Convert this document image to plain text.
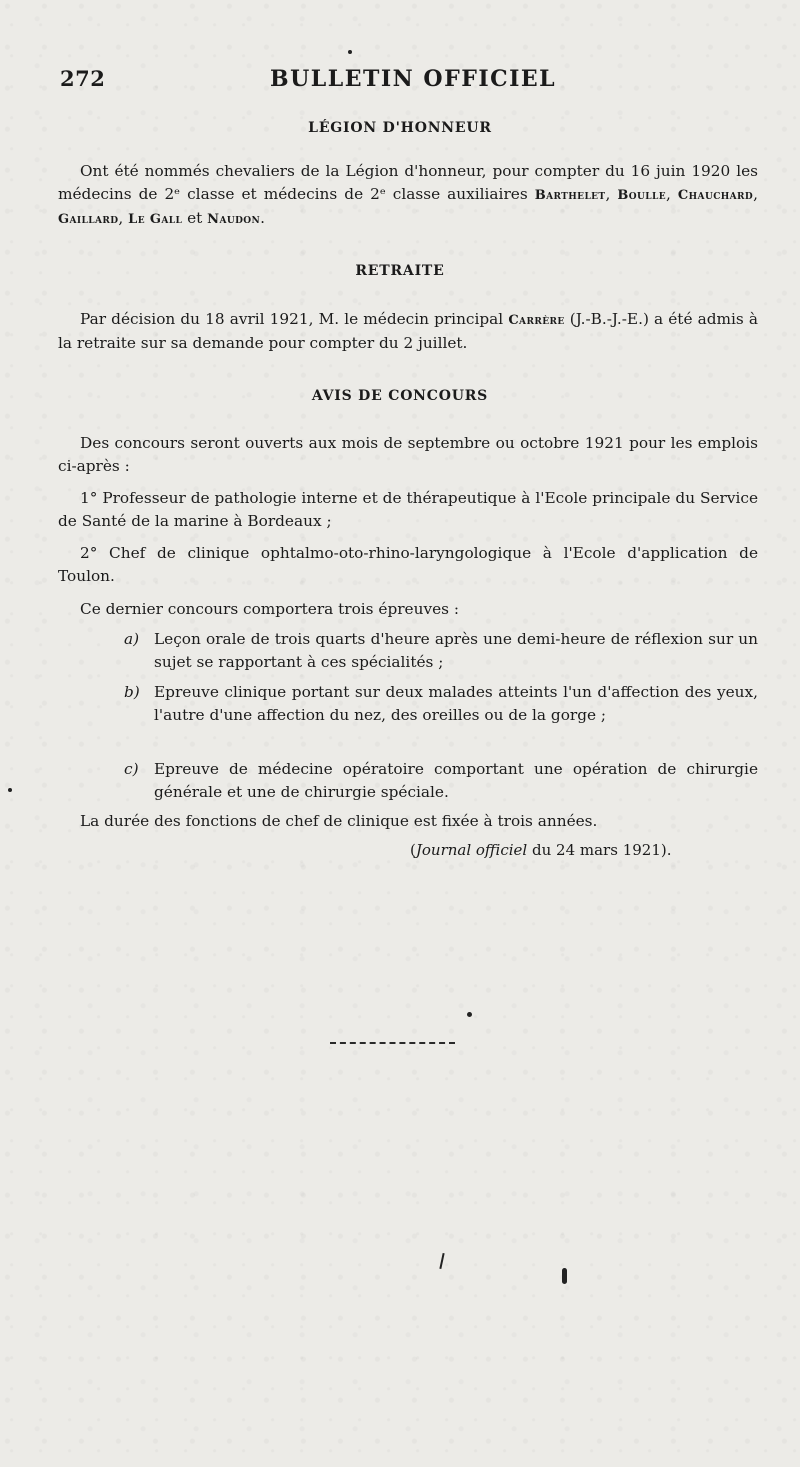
272	BULLETIN OFFICIEL
LÉGION D'HONNEUR
Ont été nommés chevaliers de la Légion d'honneur, pour compter du 16 juin 1920 les médecins de 2ᵉ classe et médecins de 2ᵉ classe auxiliaires Barthelet, Boulle, Chauchard, Gaillard, Le Gall et Naudon.
RETRAITE
Par décision du 18 avril 1921, M. le médecin principal Carrère (J.-B.-J.-E.) a été admis à la retraite sur sa demande pour compter du 2 juillet.
AVIS DE CONCOURS
Des concours seront ouverts aux mois de septembre ou octobre 1921 pour les emplois ci-après :
1° Professeur de pathologie interne et de thérapeutique à l'Ecole principale du Service de Santé de la marine à Bordeaux ;
2° Chef de clinique ophtalmo-oto-rhino-laryngologique à l'Ecole d'application de Toulon.
Ce dernier concours comportera trois épreuves :
a) Leçon orale de trois quarts d'heure après une demi-heure de réflexion sur un sujet se rapportant à ces spécialités ;
b) Epreuve clinique portant sur deux malades atteints l'un d'affection des yeux, l'autre d'une affection du nez, des oreilles ou de la gorge ;
c) Epreuve de médecine opératoire comportant une opération de chirurgie générale et une de chirurgie spéciale.
La durée des fonctions de chef de clinique est fixée à trois années.
(Journal officiel du 24 mars 1921).
